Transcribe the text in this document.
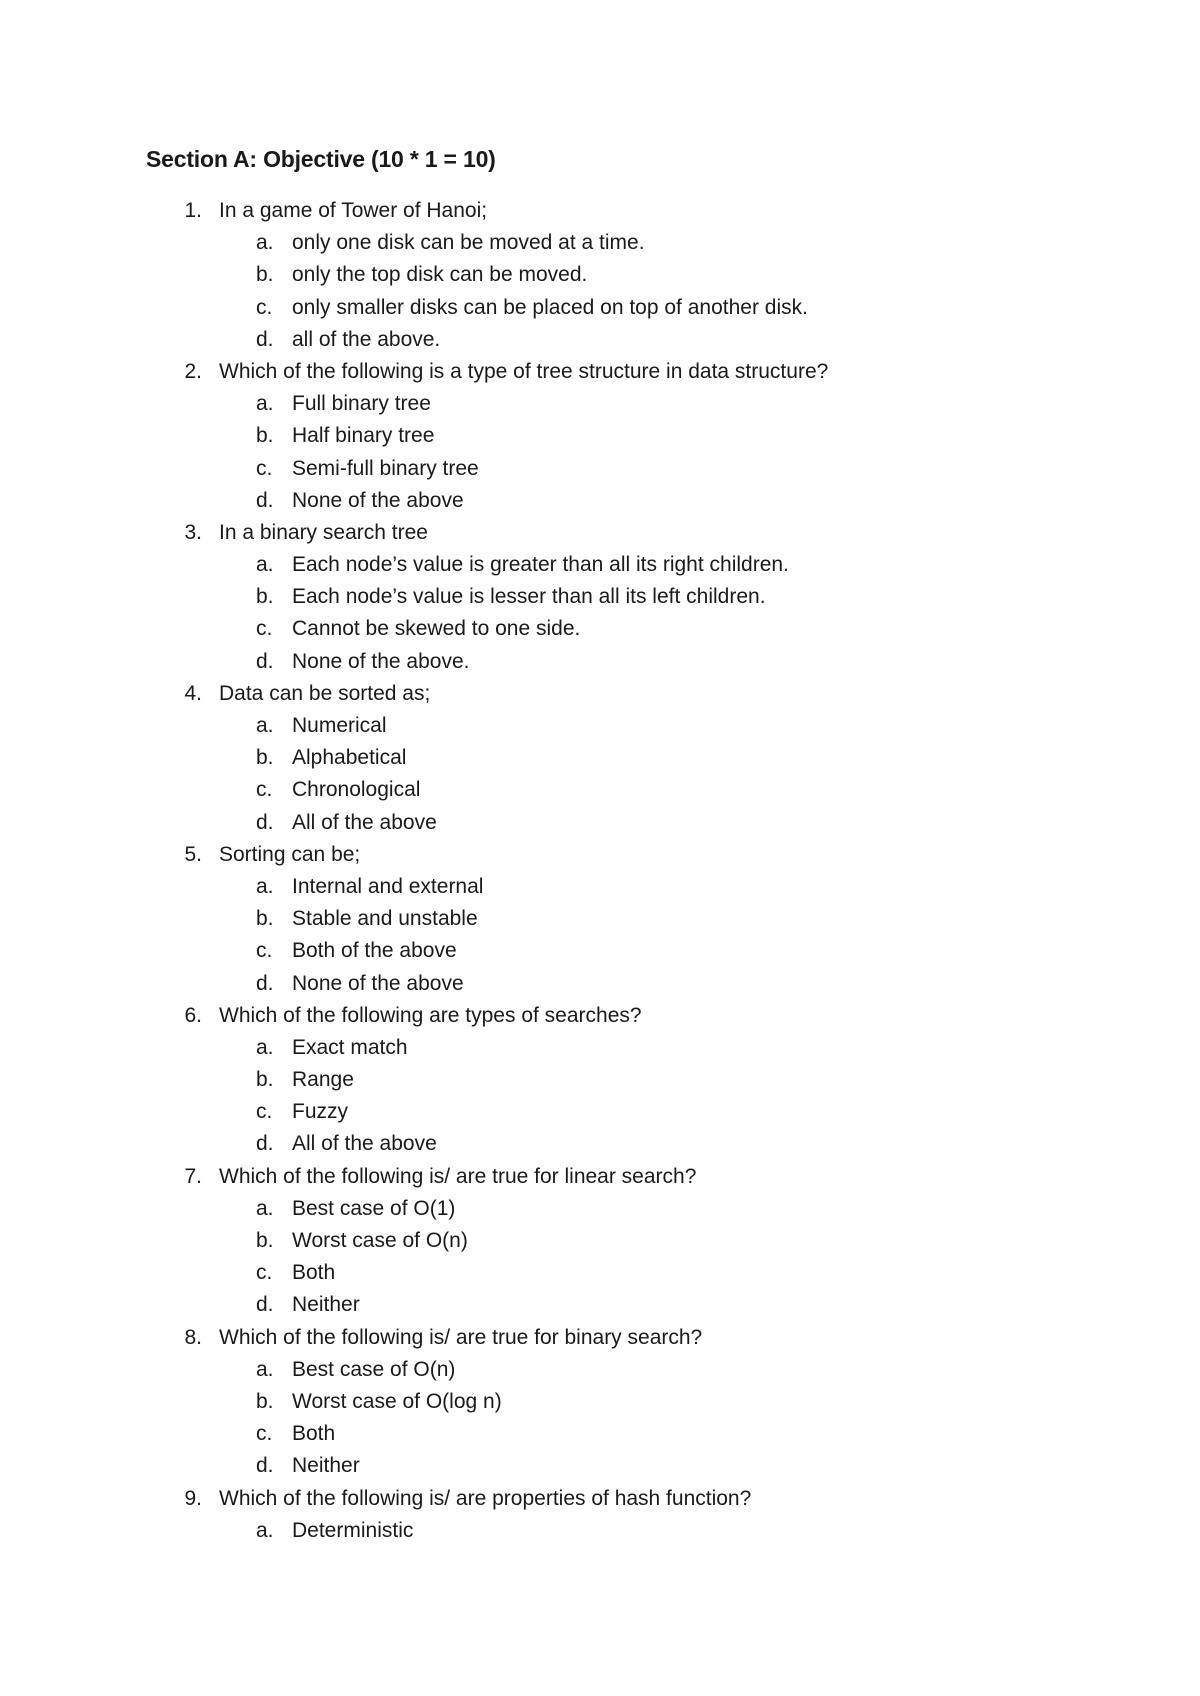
Section A: Objective (10 * 1 = 10)
1. In a game of Tower of Hanoi;
a. only one disk can be moved at a time.
b. only the top disk can be moved.
c. only smaller disks can be placed on top of another disk.
d. all of the above.
2. Which of the following is a type of tree structure in data structure?
a. Full binary tree
b. Half binary tree
c. Semi-full binary tree
d. None of the above
3. In a binary search tree
a. Each node’s value is greater than all its right children.
b. Each node’s value is lesser than all its left children.
c. Cannot be skewed to one side.
d. None of the above.
4. Data can be sorted as;
a. Numerical
b. Alphabetical
c. Chronological
d. All of the above
5. Sorting can be;
a. Internal and external
b. Stable and unstable
c. Both of the above
d. None of the above
6. Which of the following are types of searches?
a. Exact match
b. Range
c. Fuzzy
d. All of the above
7. Which of the following is/ are true for linear search?
a. Best case of O(1)
b. Worst case of O(n)
c. Both
d. Neither
8. Which of the following is/ are true for binary search?
a. Best case of O(n)
b. Worst case of O(log n)
c. Both
d. Neither
9. Which of the following is/ are properties of hash function?
a. Deterministic
